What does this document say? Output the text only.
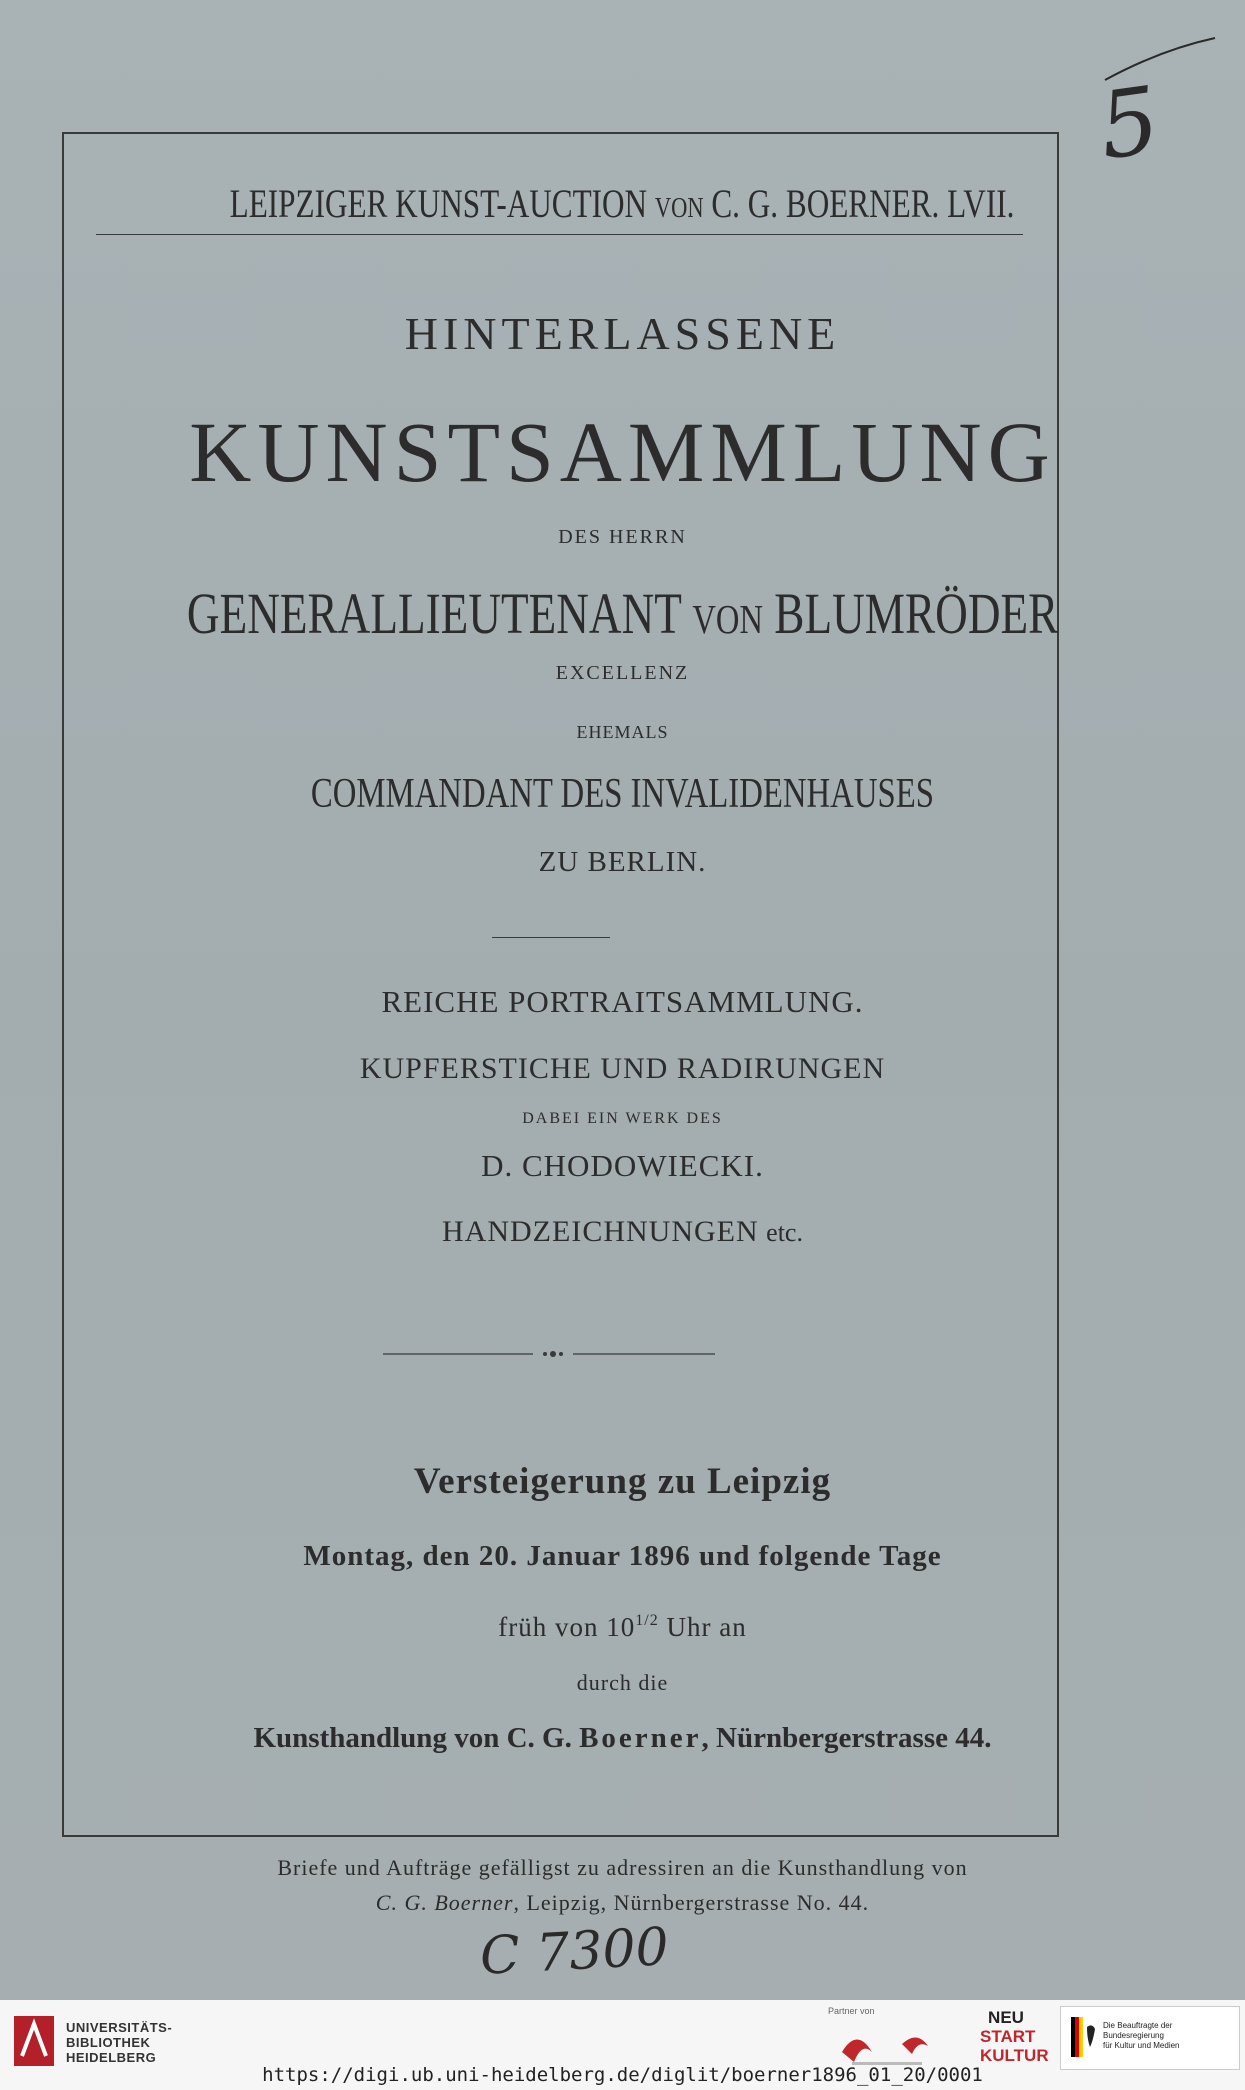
5
LEIPZIGER KUNST-AUCTION VON C. G. BOERNER. LVII.
HINTERLASSENE
KUNSTSAMMLUNG
DES HERRN
GENERALLIEUTENANT VON BLUMRÖDER
EXCELLENZ
EHEMALS
COMMANDANT DES INVALIDENHAUSES
ZU BERLIN.
REICHE PORTRAITSAMMLUNG.
KUPFERSTICHE UND RADIRUNGEN
DABEI EIN WERK DES
D. CHODOWIECKI.
HANDZEICHNUNGEN etc.
Versteigerung zu Leipzig
Montag, den 20. Januar 1896 und folgende Tage
früh von $10^{1/2}$ Uhr an
durch die
Kunsthandlung von C. G. Boerner, Nürnbergerstrasse 44.
Briefe und Aufträge gefälligst zu adressiren an die Kunsthandlung von
C. G. Boerner, Leipzig, Nürnbergerstrasse No. 44.
C 7300
UNIVERSITÄTS-
BIBLIOTHEK
HEIDELBERG
Partner von	NEU
START
KULTUR
Die Beauftragte der Bundesregierung
für Kultur und Medien
https://digi.ub.uni-heidelberg.de/diglit/boerner1896_01_20/0001
